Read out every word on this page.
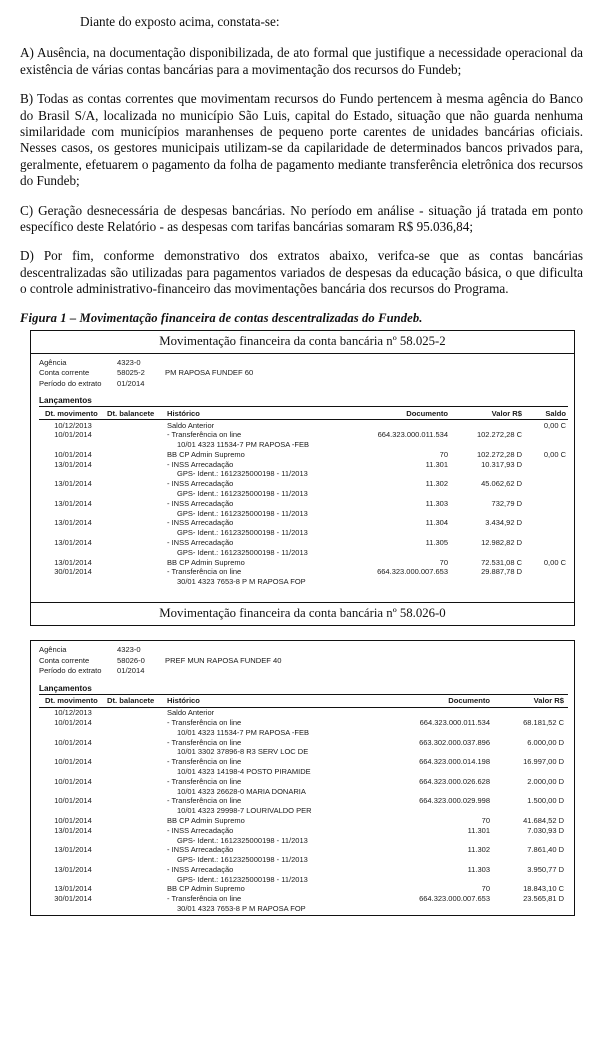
Diante do exposto acima, constata-se:

A) Ausência, na documentação disponibilizada, de ato formal que justifique a necessidade operacional da existência de várias contas bancárias para a movimentação dos recursos do Fundeb;

B) Todas as contas correntes que movimentam recursos do Fundo pertencem à mesma agência do Banco do Brasil S/A, localizada no município São Luis, capital do Estado, situação que não guarda nenhuma similaridade com municípios maranhenses de pequeno porte carentes de unidades bancárias oficiais. Nesses casos, os gestores municipais utilizam-se da capilaridade de determinados bancos privados para, geralmente, efetuarem o pagamento da folha de pagamento mediante transferência eletrônica dos recursos do Fundeb;

C) Geração desnecessária de despesas bancárias. No período em análise - situação já tratada em ponto específico deste Relatório - as despesas com tarifas bancárias somaram R$ 95.036,84;

D) Por fim, conforme demonstrativo dos extratos abaixo, verifca-se que as contas bancárias descentralizadas são utilizadas para pagamentos variados de despesas da educação básica, o que dificulta o controle administrativo-financeiro das movimentações bancária dos recursos do Programa.

Figura 1 – Movimentação financeira de contas descentralizadas do Fundeb.
Movimentação financeira da conta bancária nº 58.025-2
Agência	4323-0
Conta corrente	58025-2	PM RAPOSA FUNDEF 60
Período do extrato	01/2014
Lançamentos
Dt. movimento	Dt. balancete	Histórico	Documento	Valor R$	Saldo
10/12/2013		Saldo Anterior			0,00 C
10/01/2014		- Transferência on line	664.323.000.011.534	102.272,28 C	
		10/01 4323 11534-7 PM RAPOSA -FEB			
10/01/2014		BB CP Admin Supremo	70	102.272,28 D	0,00 C
13/01/2014		- INSS Arrecadação	11.301	10.317,93 D	
		GPS- Ident.: 1612325000198 - 11/2013			
13/01/2014		- INSS Arrecadação	11.302	45.062,62 D	
		GPS- Ident.: 1612325000198 - 11/2013			
13/01/2014		- INSS Arrecadação	11.303	732,79 D	
		GPS- Ident.: 1612325000198 - 11/2013			
13/01/2014		- INSS Arrecadação	11.304	3.434,92 D	
		GPS- Ident.: 1612325000198 - 11/2013			
13/01/2014		- INSS Arrecadação	11.305	12.982,82 D	
		GPS- Ident.: 1612325000198 - 11/2013			
13/01/2014		BB CP Admin Supremo	70	72.531,08 C	0,00 C
30/01/2014		- Transferência on line	664.323.000.007.653	29.887,78 D	
		30/01 4323 7653-8 P M RAPOSA FOP			
Movimentação financeira da conta bancária nº 58.026-0
Agência	4323-0
Conta corrente	58026-0	PREF MUN RAPOSA FUNDEF 40
Período do extrato	01/2014
Lançamentos
Dt. movimento	Dt. balancete	Histórico	Documento	Valor R$
10/12/2013		Saldo Anterior		
10/01/2014		- Transferência on line	664.323.000.011.534	68.181,52 C
		10/01 4323 11534-7 PM RAPOSA -FEB		
10/01/2014		- Transferência on line	663.302.000.037.896	6.000,00 D
		10/01 3302 37896-8 R3 SERV LOC DE		
10/01/2014		- Transferência on line	664.323.000.014.198	16.997,00 D
		10/01 4323 14198-4 POSTO PIRAMIDE		
10/01/2014		- Transferência on line	664.323.000.026.628	2.000,00 D
		10/01 4323 26628-0 MARIA DONARIA		
10/01/2014		- Transferência on line	664.323.000.029.998	1.500,00 D
		10/01 4323 29998-7 LOURIVALDO PER		
10/01/2014		BB CP Admin Supremo	70	41.684,52 D
13/01/2014		- INSS Arrecadação	11.301	7.030,93 D
		GPS- Ident.: 1612325000198 - 11/2013		
13/01/2014		- INSS Arrecadação	11.302	7.861,40 D
		GPS- Ident.: 1612325000198 - 11/2013		
13/01/2014		- INSS Arrecadação	11.303	3.950,77 D
		GPS- Ident.: 1612325000198 - 11/2013		
13/01/2014		BB CP Admin Supremo	70	18.843,10 C
30/01/2014		- Transferência on line	664.323.000.007.653	23.565,81 D
		30/01 4323 7653-8 P M RAPOSA FOP		
